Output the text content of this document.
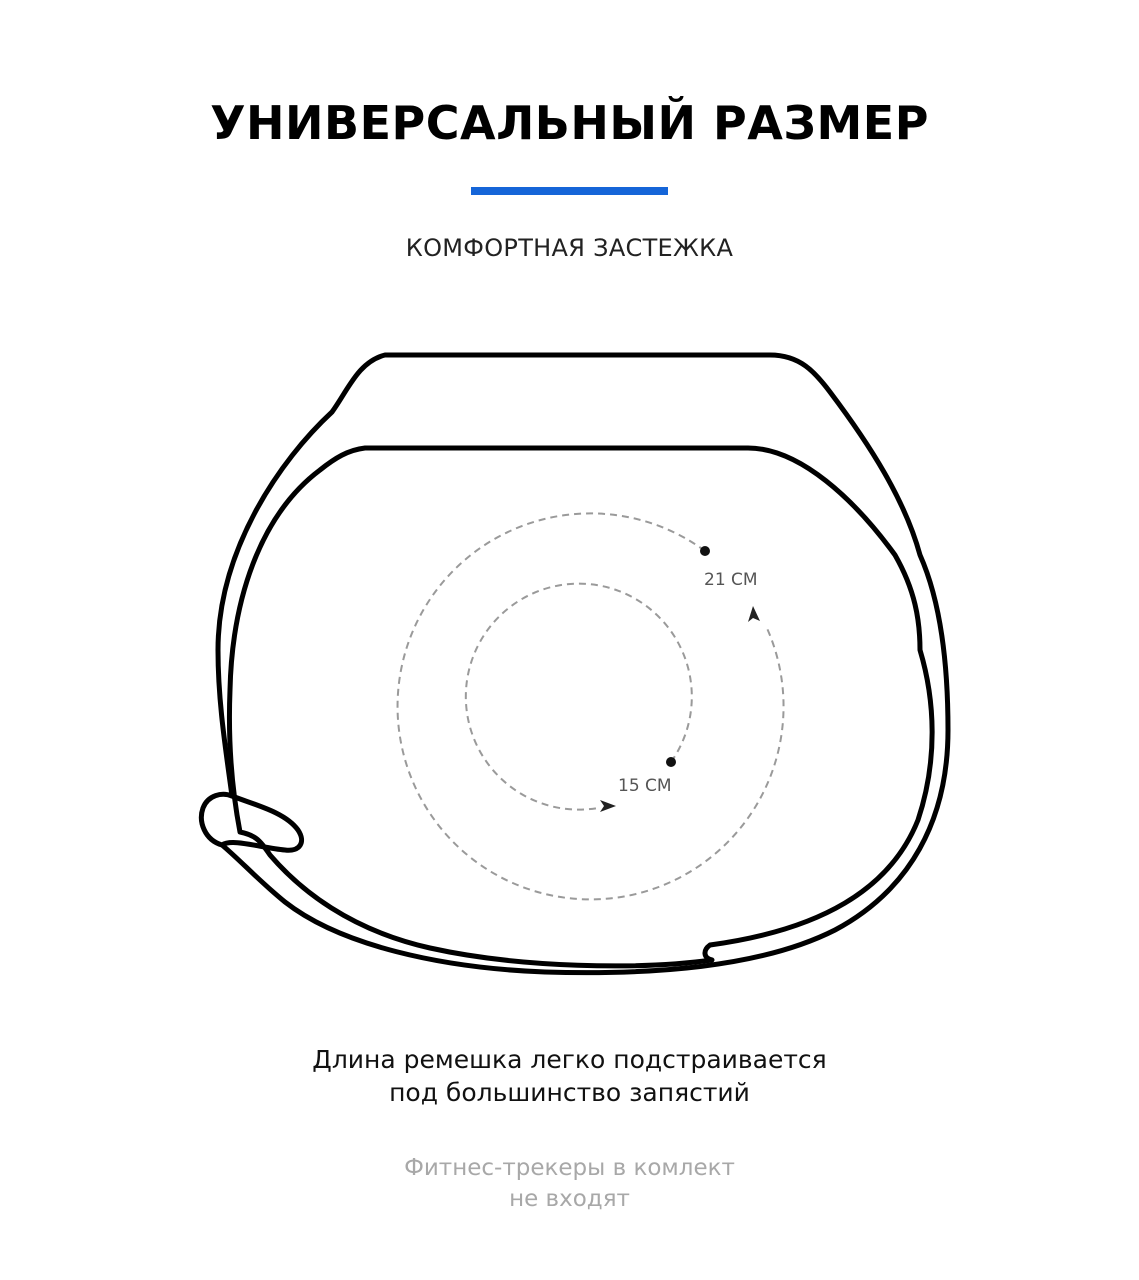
УНИВЕРСАЛЬНЫЙ РАЗМЕР
КОМФОРТНАЯ ЗАСТЕЖКА
21 СМ
15 СМ
Длина ремешка легко подстраивается
под большинство запястий
Фитнес-трекеры в комлект
не входят
